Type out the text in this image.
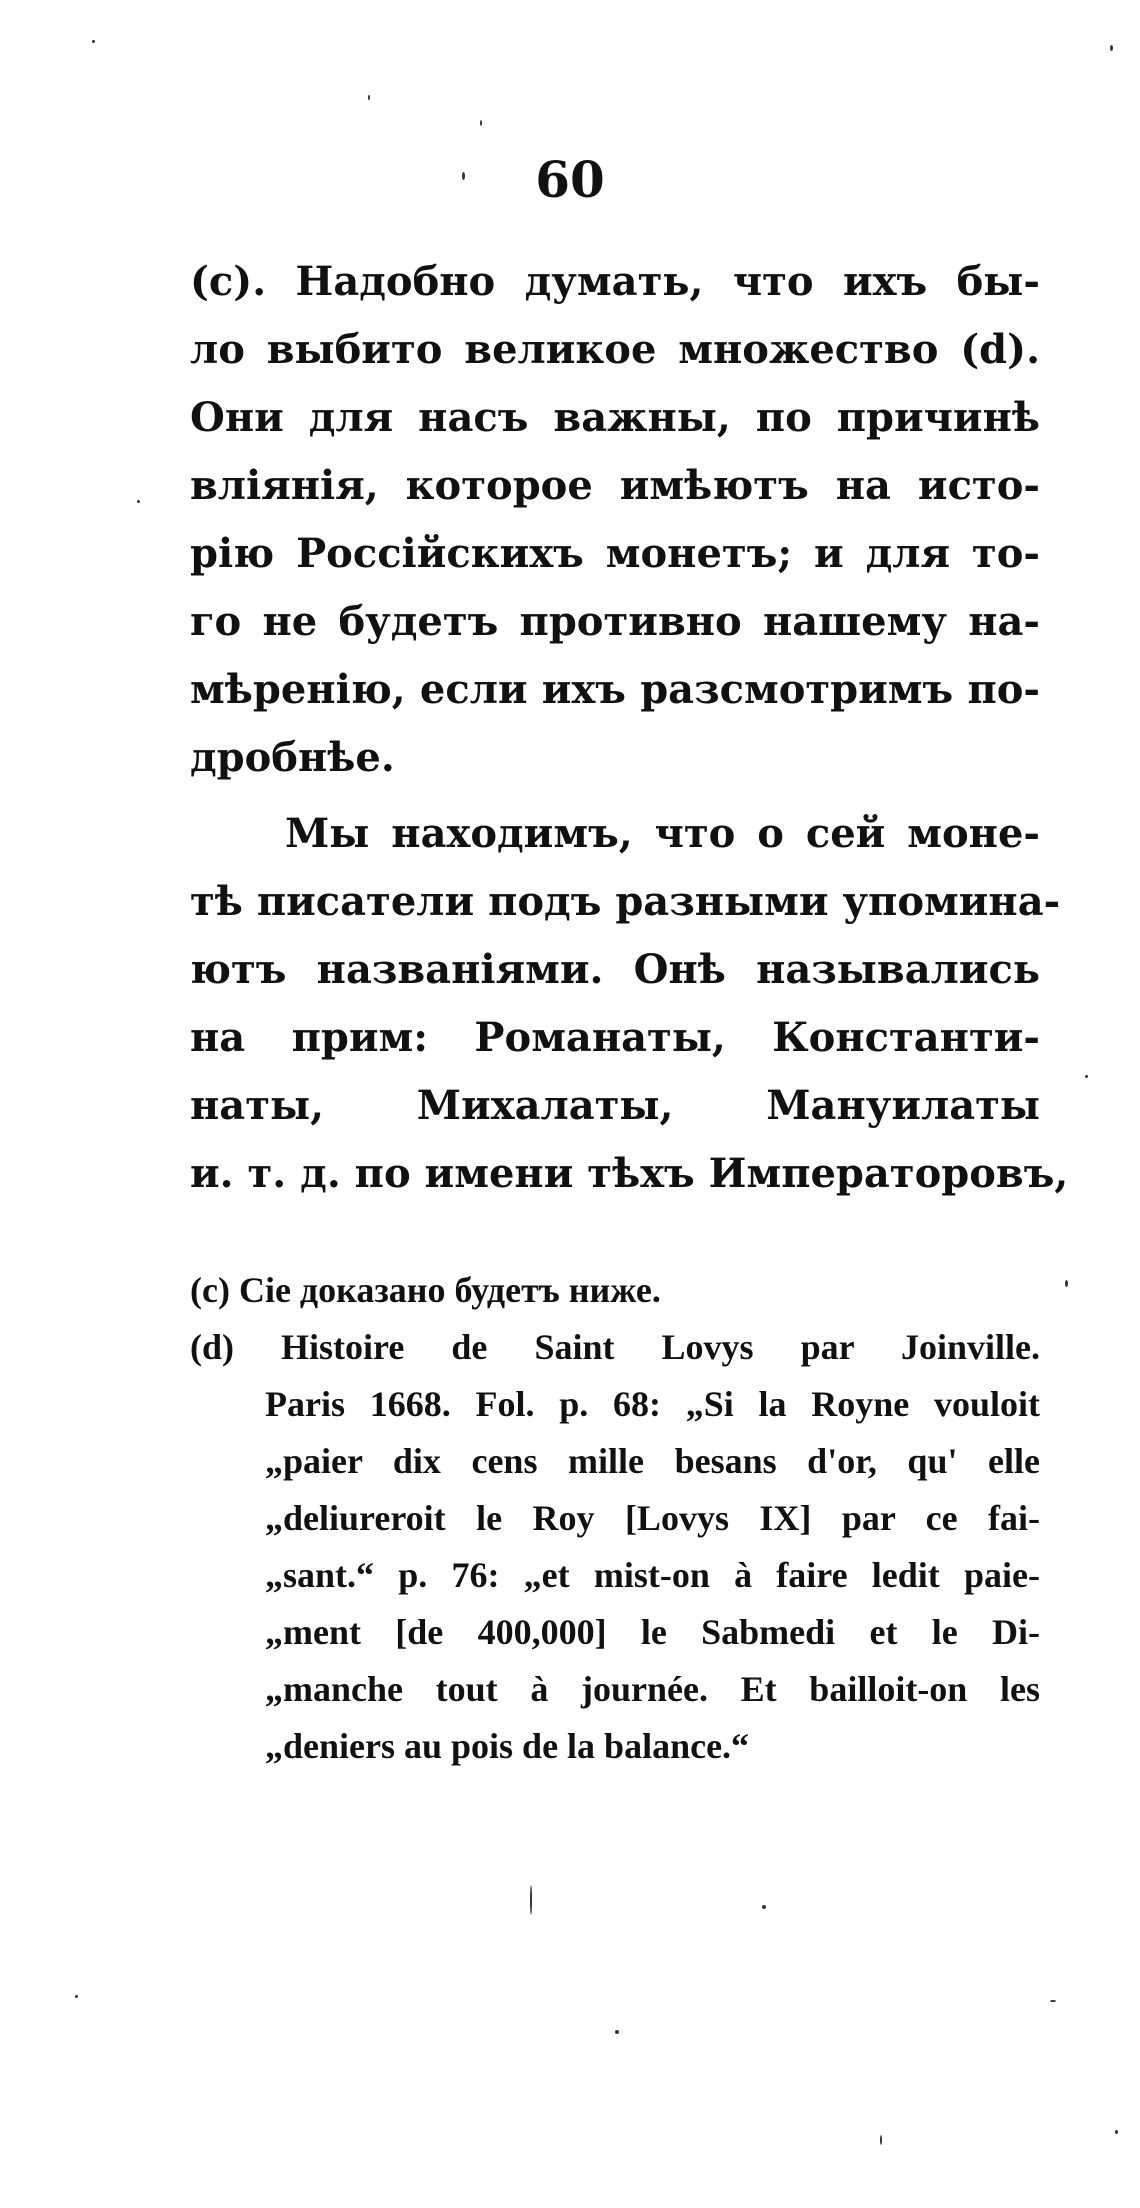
60
(c). Надобно думать, что ихъ бы-
ло выбито великое множество (d).
Они для насъ важны, по причинѣ
вліянія, которое имѣютъ на исто-
рію Россійскихъ монетъ; и для то-
го не будетъ противно нашему на-
мѣренію, если ихъ разсмотримъ по-
дробнѣе.
Мы находимъ, что о сей моне-
тѣ писатели подъ разными упомина-
ютъ названіями. Онѣ назывались
на прим: Романаты, Константи-
наты, Михалаты, Мануилаты
и. т. д. по имени тѣхъ Императоровъ,
(c) Сіе доказано будетъ ниже.
(d) Histoire de Saint Lovys par Joinville.
Paris 1668. Fol. p. 68: „Si la Royne vouloit
„paier dix cens mille besans d'or, qu' elle
„deliureroit le Roy [Lovys IX] par ce fai-
„sant.“ p. 76: „et mist-on à faire ledit paie-
„ment [de 400,000] le Sabmedi et le Di-
„manche tout à journée. Et bailloit-on les
„deniers au pois de la balance.“
